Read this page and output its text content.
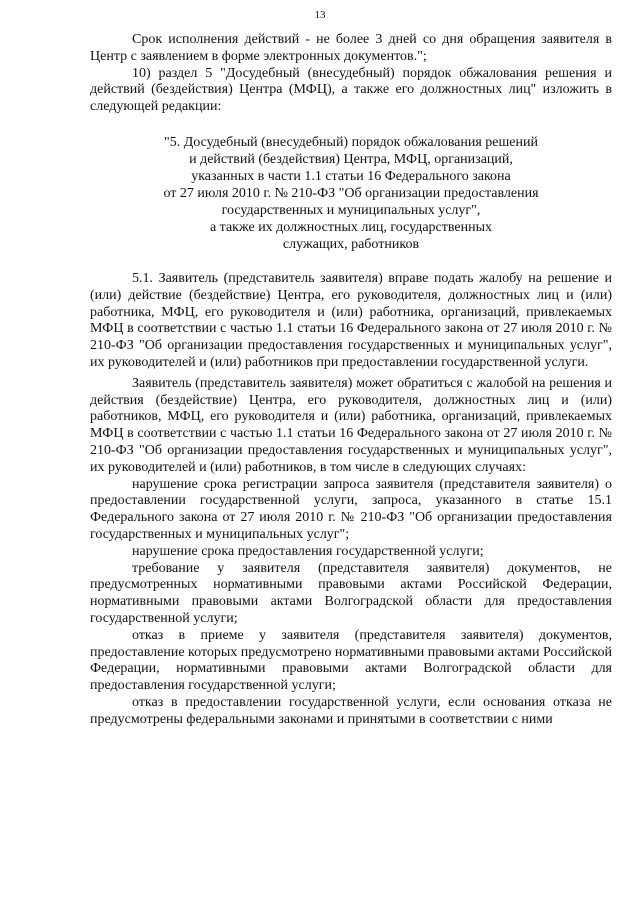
13

Срок исполнения действий - не более 3 дней со дня обращения заявителя в Центр с заявлением в форме электронных документов.";

10) раздел 5 "Досудебный (внесудебный) порядок обжалования решения и действий (бездействия) Центра (МФЦ), а также его должностных лиц" изложить в следующей редакции:

"5. Досудебный (внесудебный) порядок обжалования решений
и действий (бездействия) Центра, МФЦ, организаций,
указанных в части 1.1 статьи 16 Федерального закона
от 27 июля 2010 г. № 210-ФЗ "Об организации предоставления
государственных и муниципальных услуг",
а также их должностных лиц, государственных
служащих, работников

5.1. Заявитель (представитель заявителя) вправе подать жалобу на решение и (или) действие (бездействие) Центра, его руководителя, должностных лиц и (или) работника, МФЦ, его руководителя и (или) работника, организаций, привлекаемых МФЦ в соответствии с частью 1.1 статьи 16 Федерального закона от 27 июля 2010 г. № 210-ФЗ "Об организации предоставления государственных и муниципальных услуг", их руководителей и (или) работников при предоставлении государственной услуги.

Заявитель (представитель заявителя) может обратиться с жалобой на решения и действия (бездействие) Центра, его руководителя, должностных лиц и (или) работников, МФЦ, его руководителя и (или) работника, организаций, привлекаемых МФЦ в соответствии с частью 1.1 статьи 16 Федерального закона от 27 июля 2010 г. № 210-ФЗ "Об организации предоставления государственных и муниципальных услуг", их руководителей и (или) работников, в том числе в следующих случаях:

нарушение срока регистрации запроса заявителя (представителя заявителя) о предоставлении государственной услуги, запроса, указанного в статье 15.1 Федерального закона от 27 июля 2010 г. № 210-ФЗ "Об организации предоставления государственных и муниципальных услуг";

нарушение срока предоставления государственной услуги;

требование у заявителя (представителя заявителя) документов, не предусмотренных нормативными правовыми актами Российской Федерации, нормативными правовыми актами Волгоградской области для предоставления государственной услуги;

отказ в приеме у заявителя (представителя заявителя) документов, предоставление которых предусмотрено нормативными правовыми актами Российской Федерации, нормативными правовыми актами Волгоградской области для предоставления государственной услуги;

отказ в предоставлении государственной услуги, если основания отказа не предусмотрены федеральными законами и принятыми в соответствии с ними
